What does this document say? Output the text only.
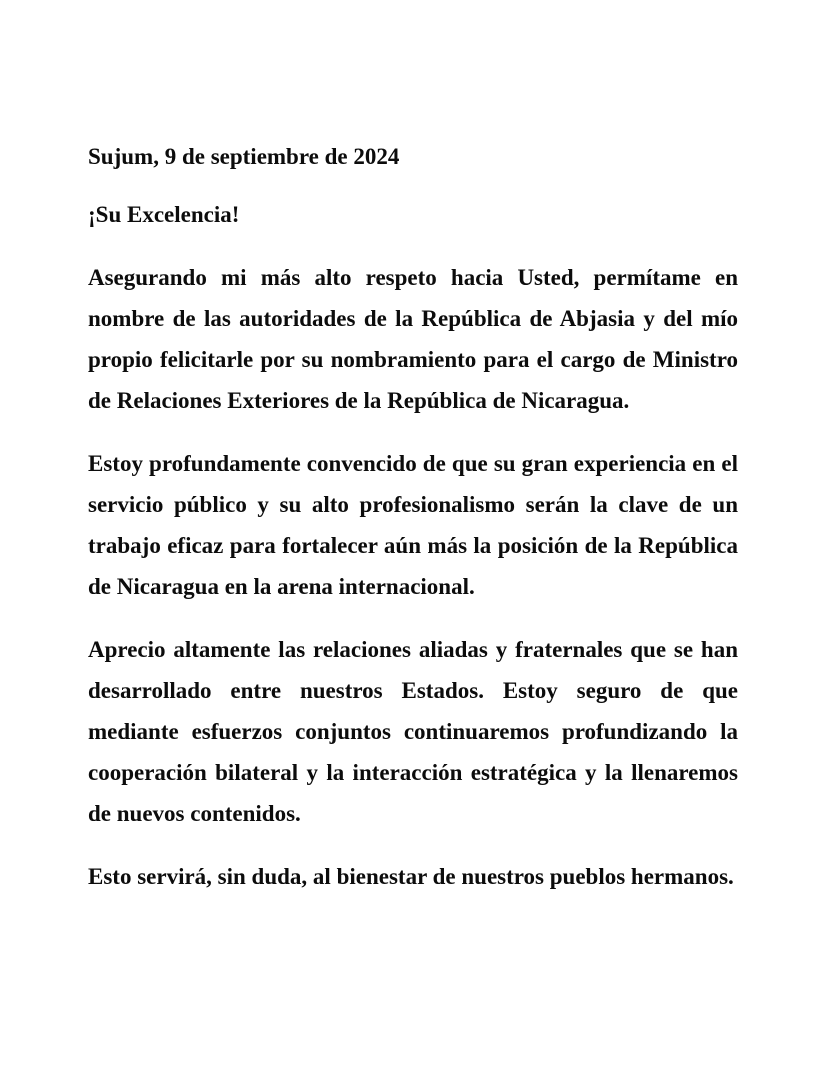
Sujum, 9 de septiembre de 2024

¡Su Excelencia!

Asegurando mi más alto respeto hacia Usted, permítame en nombre de las autoridades de la República de Abjasia y del mío propio felicitarle por su nombramiento para el cargo de Ministro de Relaciones Exteriores de la República de Nicaragua.

Estoy profundamente convencido de que su gran experiencia en el servicio público y su alto profesionalismo serán la clave de un trabajo eficaz para fortalecer aún más la posición de la República de Nicaragua en la arena internacional.

Aprecio altamente las relaciones aliadas y fraternales que se han desarrollado entre nuestros Estados. Estoy seguro de que mediante esfuerzos conjuntos continuaremos profundizando la cooperación bilateral y la interacción estratégica y la llenaremos de nuevos contenidos.

Esto servirá, sin duda, al bienestar de nuestros pueblos hermanos.
